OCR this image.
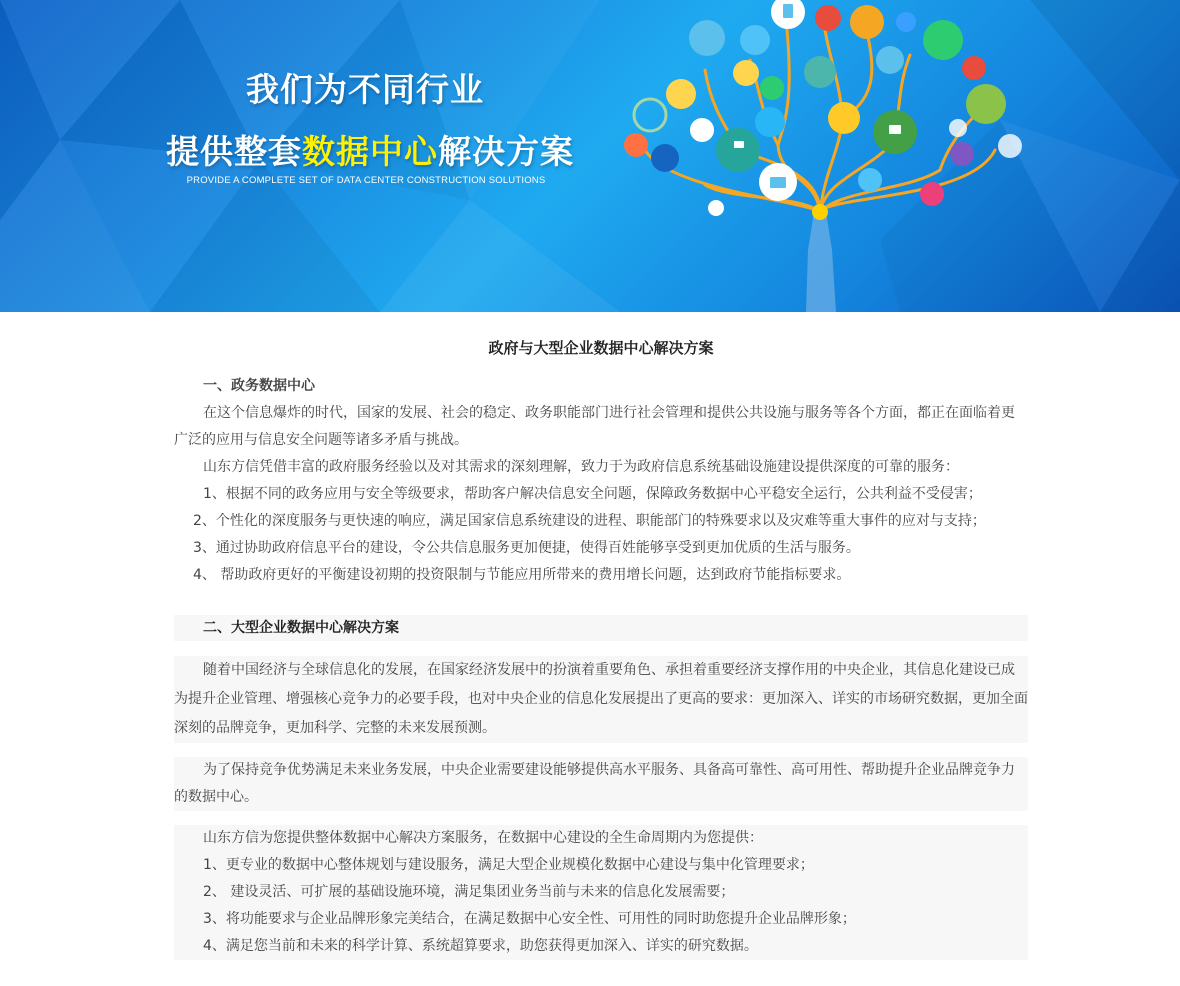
我们为不同行业
提供整套数据中心解决方案
PROVIDE A COMPLETE SET OF DATA CENTER CONSTRUCTION SOLUTIONS
政府与大型企业数据中心解决方案
一、政务数据中心
在这个信息爆炸的时代，国家的发展、社会的稳定、政务职能部门进行社会管理和提供公共设施与服务等各个方面，都正在面临着更广泛的应用与信息安全问题等诸多矛盾与挑战。
山东方信凭借丰富的政府服务经验以及对其需求的深刻理解，致力于为政府信息系统基础设施建设提供深度的可靠的服务：
1、根据不同的政务应用与安全等级要求，帮助客户解决信息安全问题，保障政务数据中心平稳安全运行，公共利益不受侵害；
2、个性化的深度服务与更快速的响应，满足国家信息系统建设的进程、职能部门的特殊要求以及灾难等重大事件的应对与支持；
3、通过协助政府信息平台的建设，令公共信息服务更加便捷，使得百姓能够享受到更加优质的生活与服务。
4、 帮助政府更好的平衡建设初期的投资限制与节能应用所带来的费用增长问题，达到政府节能指标要求。
二、大型企业数据中心解决方案
随着中国经济与全球信息化的发展，在国家经济发展中的扮演着重要角色、承担着重要经济支撑作用的中央企业，其信息化建设已成为提升企业管理、增强核心竞争力的必要手段，也对中央企业的信息化发展提出了更高的要求：更加深入、详实的市场研究数据，更加全面深刻的品牌竞争，更加科学、完整的未来发展预测。
为了保持竞争优势满足未来业务发展，中央企业需要建设能够提供高水平服务、具备高可靠性、高可用性、帮助提升企业品牌竞争力的数据中心。
山东方信为您提供整体数据中心解决方案服务，在数据中心建设的全生命周期内为您提供：
1、更专业的数据中心整体规划与建设服务，满足大型企业规模化数据中心建设与集中化管理要求；
2、 建设灵活、可扩展的基础设施环境，满足集团业务当前与未来的信息化发展需要；
3、将功能要求与企业品牌形象完美结合，在满足数据中心安全性、可用性的同时助您提升企业品牌形象；
4、满足您当前和未来的科学计算、系统超算要求，助您获得更加深入、详实的研究数据。
